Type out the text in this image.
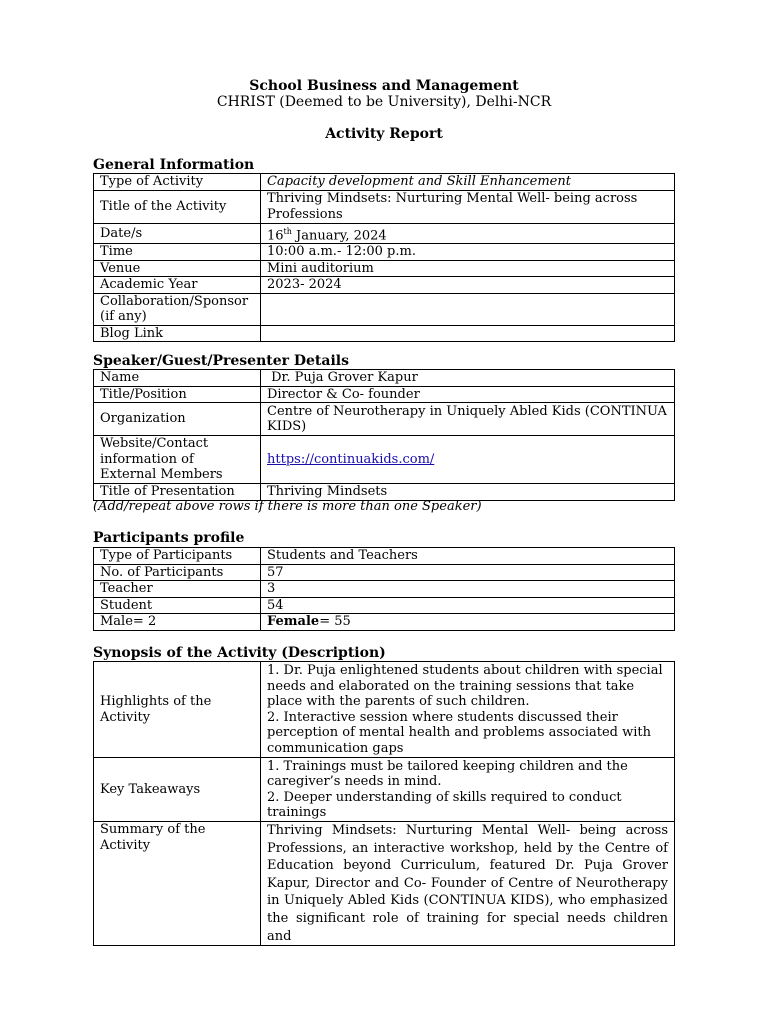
School Business and Management
CHRIST (Deemed to be University), Delhi-NCR
Activity Report
General Information
Type of Activity	Capacity development and Skill Enhancement
Title of the Activity	Thriving Mindsets: Nurturing Mental Well- being across Professions
Date/s	16th January, 2024
Time	10:00 a.m.- 12:00 p.m.
Venue	Mini auditorium
Academic Year	2023- 2024
Collaboration/Sponsor (if any)	
Blog Link	
Speaker/Guest/Presenter Details
Name	Dr. Puja Grover Kapur
Title/Position	Director & Co- founder
Organization	Centre of Neurotherapy in Uniquely Abled Kids (CONTINUA KIDS)
Website/Contact information of External Members	https://continuakids.com/
Title of Presentation	Thriving Mindsets
(Add/repeat above rows if there is more than one Speaker)
Participants profile
Type of Participants	Students and Teachers
No. of Participants	57
Teacher	3
Student	54
Male= 2	Female= 55
Synopsis of the Activity (Description)
Highlights of the Activity	1. Dr. Puja enlightened students about children with special needs and elaborated on the training sessions that take place with the parents of such children.
2. Interactive session where students discussed their perception of mental health and problems associated with communication gaps

Key Takeaways	1. Trainings must be tailored keeping children and the caregiver’s needs in mind.
2. Deeper understanding of skills required to conduct trainings

Summary of the Activity	Thriving Mindsets: Nurturing Mental Well- being across Professions, an interactive workshop, held by the Centre of Education beyond Curriculum, featured Dr. Puja Grover Kapur, Director and Co- Founder of Centre of Neurotherapy in Uniquely Abled Kids (CONTINUA KIDS), who emphasized the significant role of training for special needs children and
